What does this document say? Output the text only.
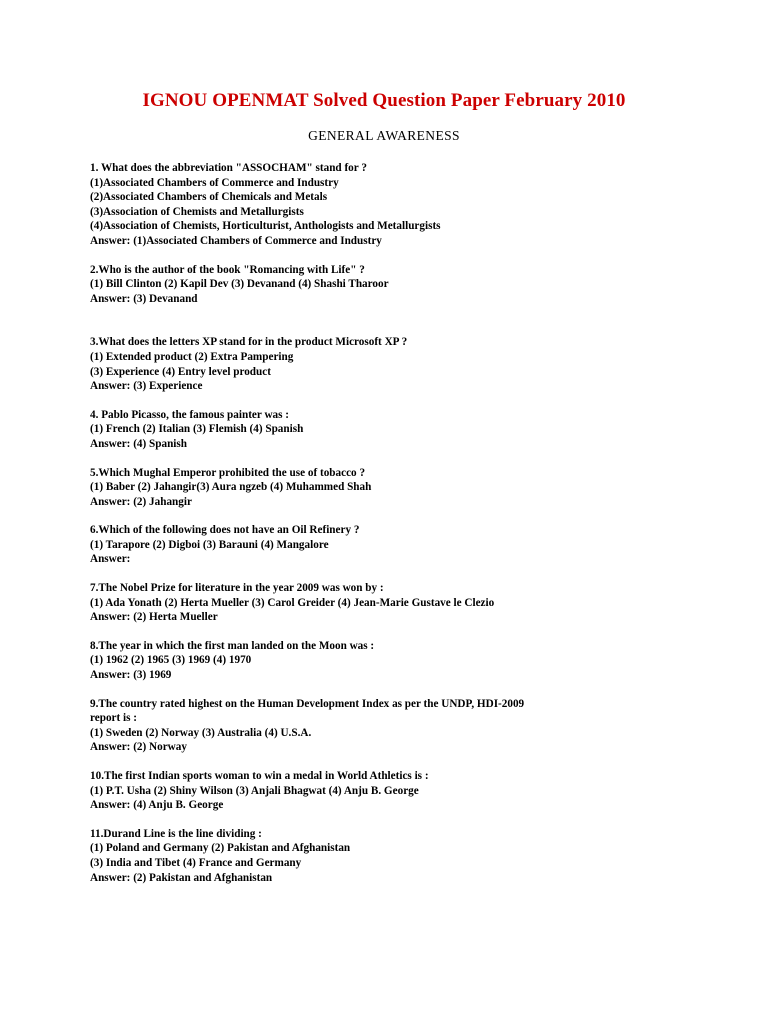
IGNOU OPENMAT Solved Question Paper February 2010
GENERAL AWARENESS
1. What does the abbreviation "ASSOCHAM" stand for ?
(1)Associated Chambers of Commerce and Industry
(2)Associated Chambers of Chemicals and Metals
(3)Association of Chemists and Metallurgists
(4)Association of Chemists, Horticulturist, Anthologists and Metallurgists
Answer: (1)Associated Chambers of Commerce and Industry
2.Who is the author of the book "Romancing with Life" ?
(1) Bill Clinton (2) Kapil Dev (3) Devanand (4) Shashi Tharoor
Answer: (3) Devanand
3.What does the letters XP stand for in the product Microsoft XP ?
(1) Extended product (2) Extra Pampering
(3) Experience (4) Entry level product
Answer: (3) Experience
4. Pablo Picasso, the famous painter was :
(1) French (2) Italian (3) Flemish (4) Spanish
Answer: (4) Spanish
5.Which Mughal Emperor prohibited the use of tobacco ?
(1) Baber (2) Jahangir(3) Aura ngzeb (4) Muhammed Shah
Answer: (2) Jahangir
6.Which of the following does not have an Oil Refinery ?
(1) Tarapore (2) Digboi (3) Barauni (4) Mangalore
Answer:
7.The Nobel Prize for literature in the year 2009 was won by :
(1) Ada Yonath (2) Herta Mueller (3) Carol Greider (4) Jean-Marie Gustave le Clezio
Answer: (2) Herta Mueller
8.The year in which the first man landed on the Moon was :
(1) 1962 (2) 1965 (3) 1969 (4) 1970
Answer: (3) 1969
9.The country rated highest on the Human Development Index as per the UNDP, HDI-2009
report is :
(1) Sweden (2) Norway (3) Australia (4) U.S.A.
Answer: (2) Norway
10.The first Indian sports woman to win a medal in World Athletics is :
(1) P.T. Usha (2) Shiny Wilson (3) Anjali Bhagwat (4) Anju B. George
Answer: (4) Anju B. George
11.Durand Line is the line dividing :
(1) Poland and Germany (2) Pakistan and Afghanistan
(3) India and Tibet (4) France and Germany
Answer: (2) Pakistan and Afghanistan
